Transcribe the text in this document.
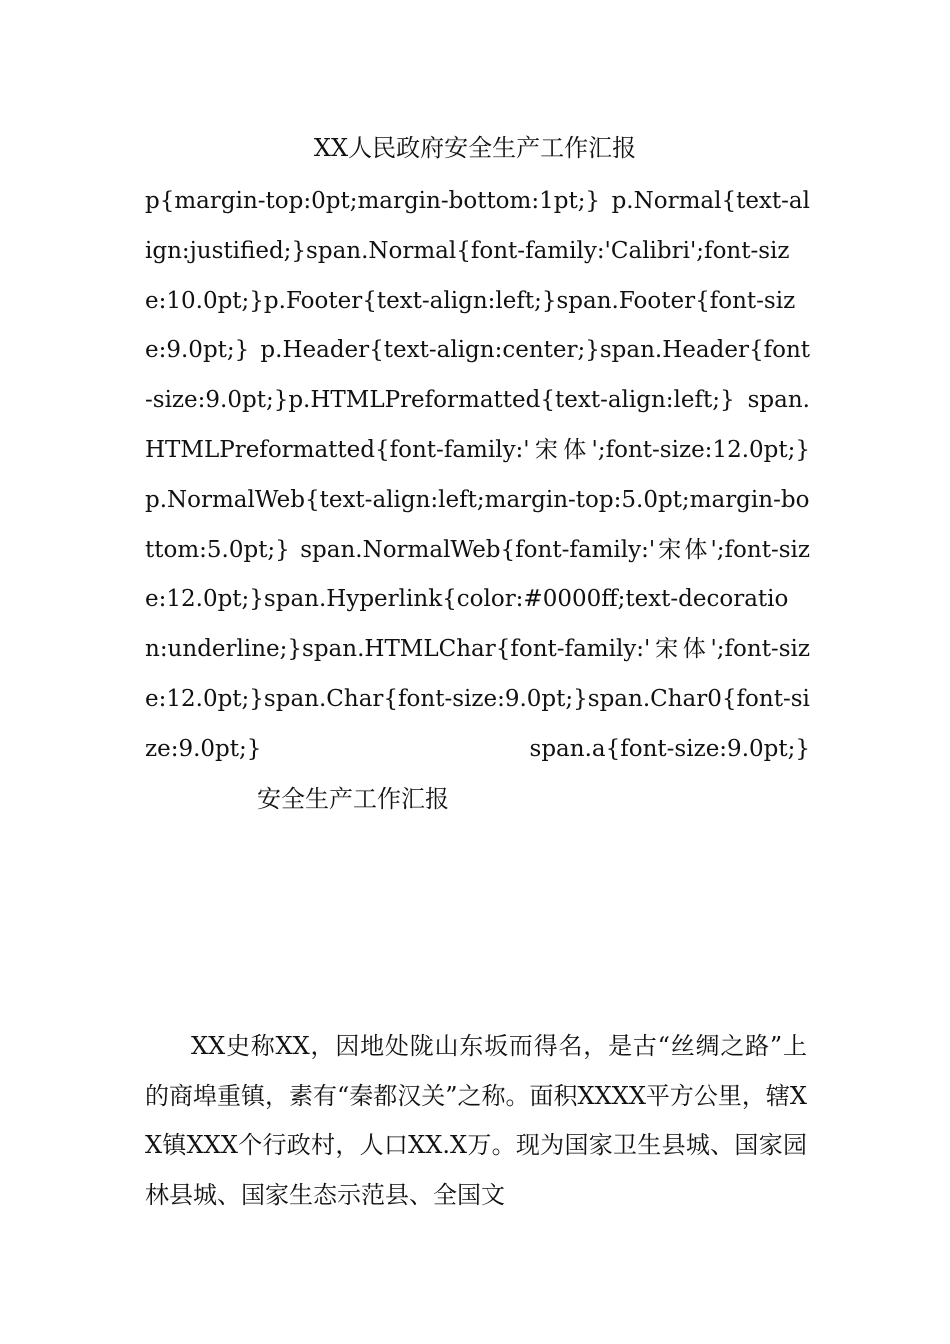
XX人民政府安全生产工作汇报

p{margin-top:0pt;margin-bottom:1pt;} p.Normal{text-align:justified;}span.Normal{font-family:'Calibri';font-size:10.0pt;}p.Footer{text-align:left;}span.Footer{font-size:9.0pt;} p.Header{text-align:center;}span.Header{font-size:9.0pt;}p.HTMLPreformatted{text-align:left;} span.HTMLPreformatted{font-family:'宋体';font-size:12.0pt;}p.NormalWeb{text-align:left;margin-top:5.0pt;margin-bottom:5.0pt;} span.NormalWeb{font-family:'宋体';font-size:12.0pt;}span.Hyperlink{color:#0000ff;text-decoration:underline;}span.HTMLChar{font-family:'宋体';font-size:12.0pt;}span.Char{font-size:9.0pt;}span.Char0{font-size:9.0pt;} span.a{font-size:9.0pt;}安全生产工作汇报

XX史称XX，因地处陇山东坂而得名，是古“丝绸之路”上的商埠重镇，素有“秦都汉关”之称。面积XXXX平方公里，辖XX镇XXX个行政村，人口XX.X万。现为国家卫生县城、国家园林县城、国家生态示范县、全国文
